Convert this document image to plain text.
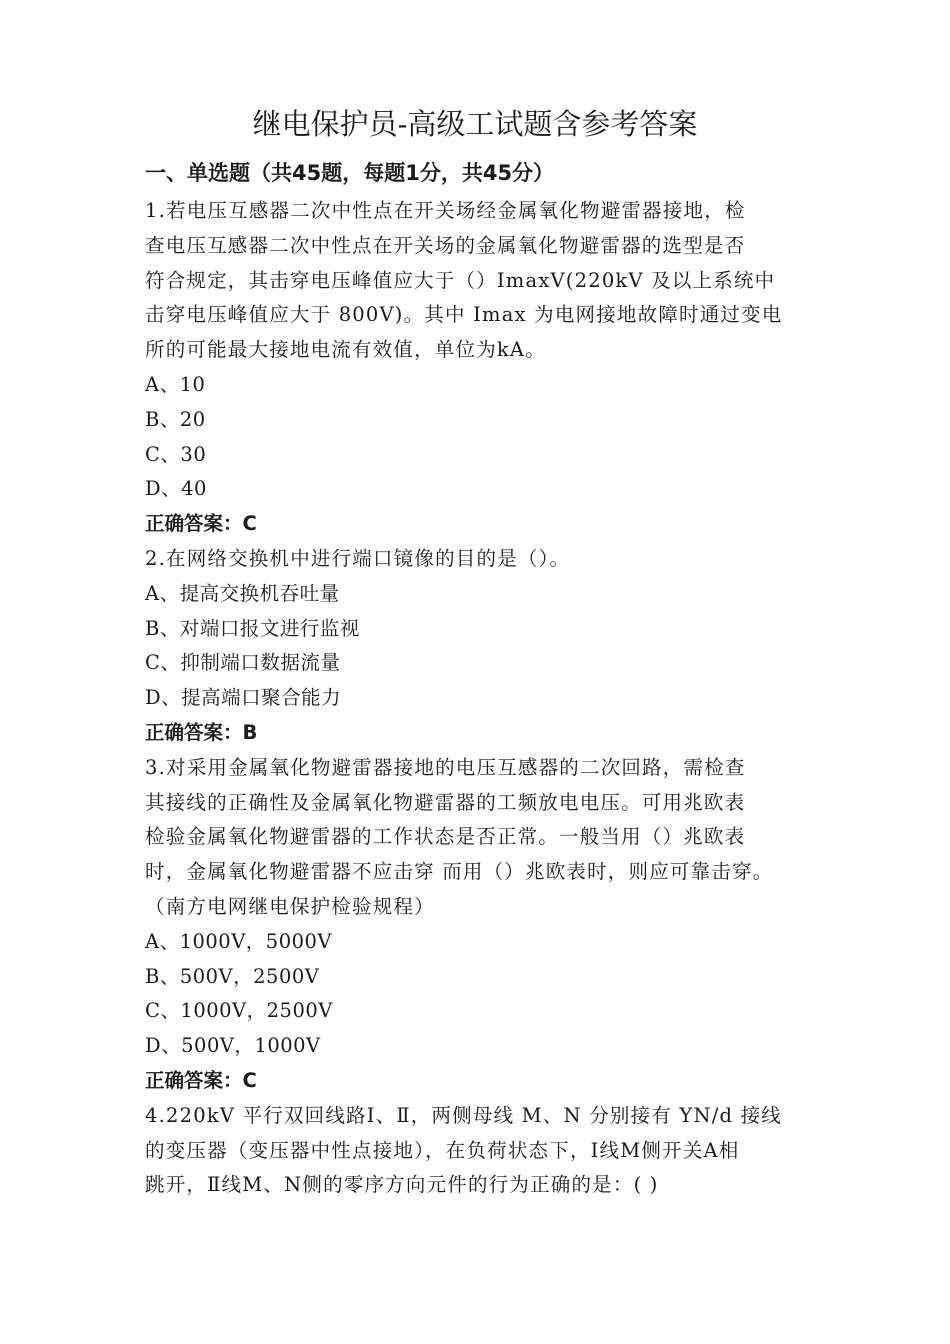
继电保护员-高级工试题含参考答案
一、单选题（共45题，每题1分，共45分）
1.若电压互感器二次中性点在开关场经金属氧化物避雷器接地，检
查电压互感器二次中性点在开关场的金属氧化物避雷器的选型是否
符合规定，其击穿电压峰值应大于（）ImaxV(220kV 及以上系统中
击穿电压峰值应大于 800V)。其中 Imax 为电网接地故障时通过变电
所的可能最大接地电流有效值，单位为kA。
A、10
B、20
C、30
D、40
正确答案：C
2.在网络交换机中进行端口镜像的目的是（）。
A、提高交换机吞吐量
B、对端口报文进行监视
C、抑制端口数据流量
D、提高端口聚合能力
正确答案：B
3.对采用金属氧化物避雷器接地的电压互感器的二次回路，需检查
其接线的正确性及金属氧化物避雷器的工频放电电压。可用兆欧表
检验金属氧化物避雷器的工作状态是否正常。一般当用（）兆欧表
时，金属氧化物避雷器不应击穿 而用（）兆欧表时，则应可靠击穿。
（南方电网继电保护检验规程）
A、1000V，5000V
B、500V，2500V
C、1000V，2500V
D、500V，1000V
正确答案：C
4.220kV 平行双回线路Ⅰ、Ⅱ，两侧母线 M、N 分别接有 YN/d 接线
的变压器（变压器中性点接地），在负荷状态下，Ⅰ线M侧开关A相
跳开，Ⅱ线M、N侧的零序方向元件的行为正确的是：( )
